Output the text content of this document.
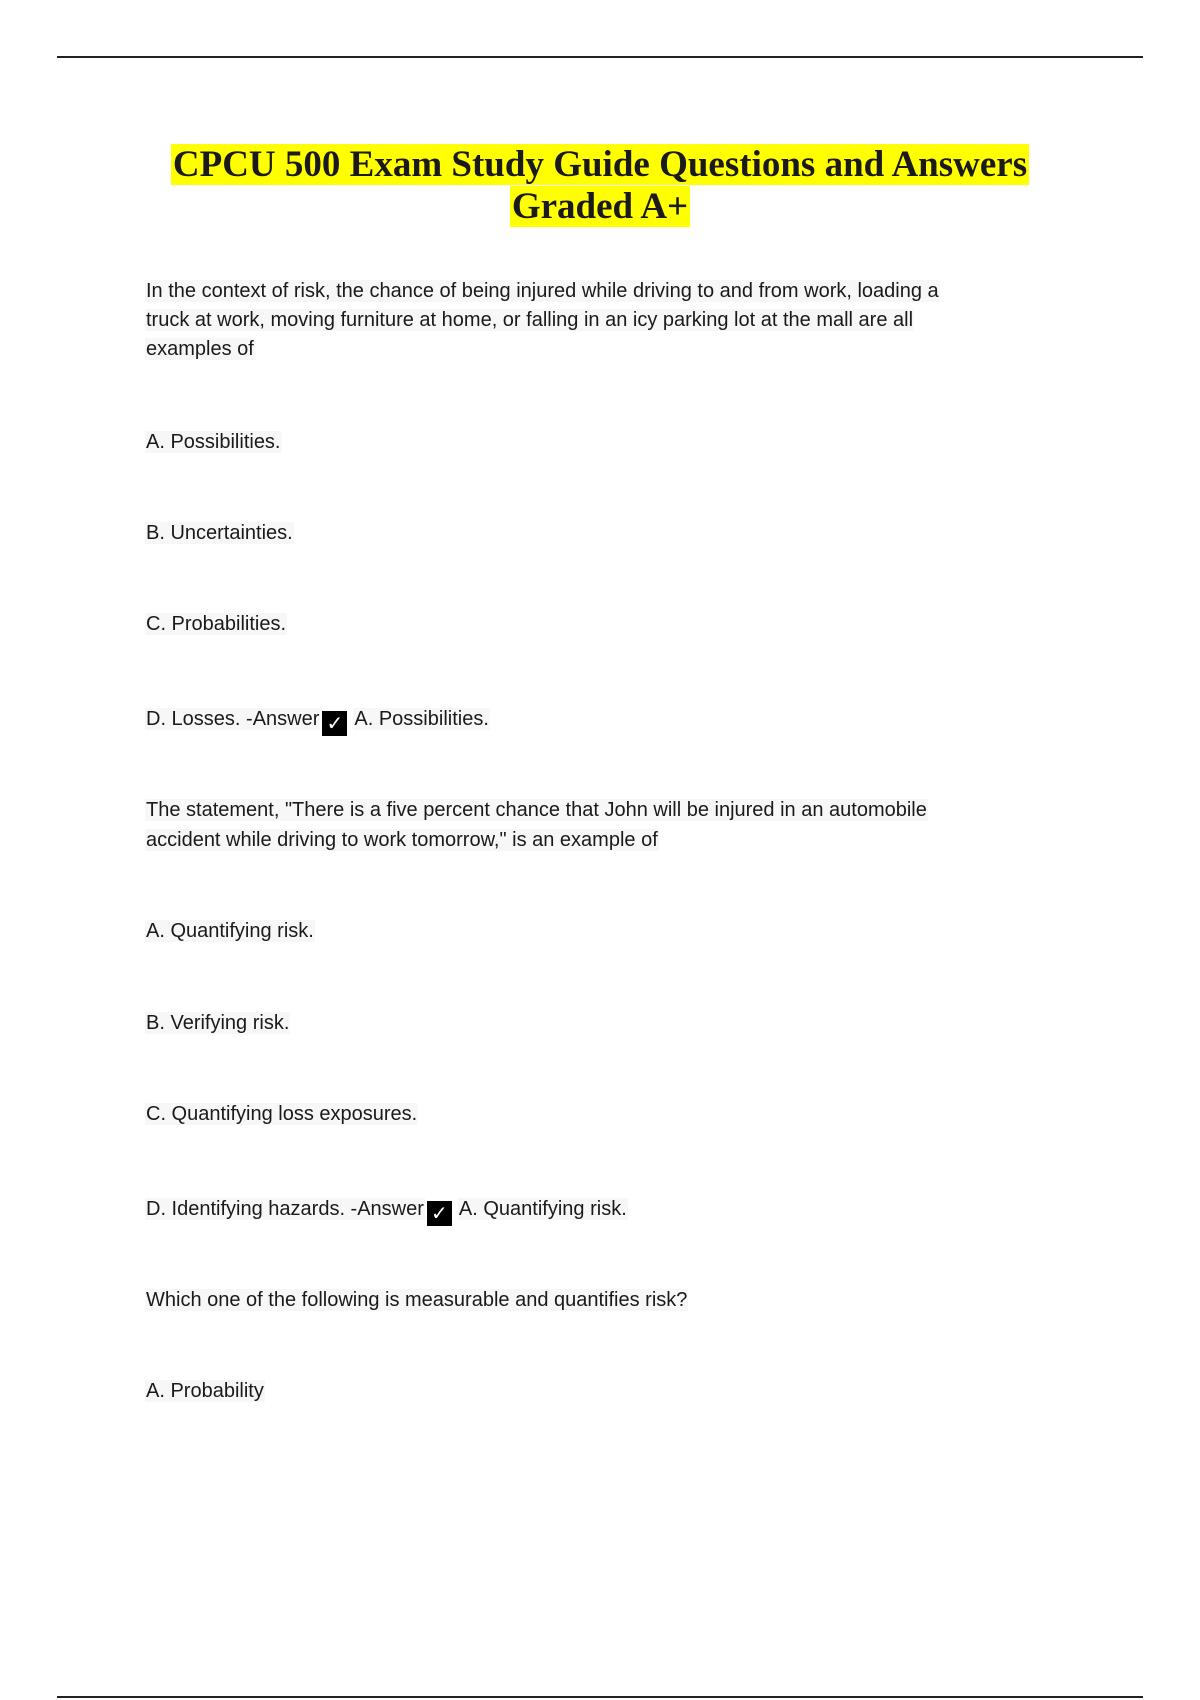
CPCU 500 Exam Study Guide Questions and Answers
Graded A+
In the context of risk, the chance of being injured while driving to and from work, loading a
truck at work, moving furniture at home, or falling in an icy parking lot at the mall are all
examples of
A. Possibilities.
B. Uncertainties.
C. Probabilities.
D. Losses. -Answer ✓ A. Possibilities.
The statement, "There is a five percent chance that John will be injured in an automobile
accident while driving to work tomorrow," is an example of
A. Quantifying risk.
B. Verifying risk.
C. Quantifying loss exposures.
D. Identifying hazards. -Answer ✓ A. Quantifying risk.
Which one of the following is measurable and quantifies risk?
A. Probability
